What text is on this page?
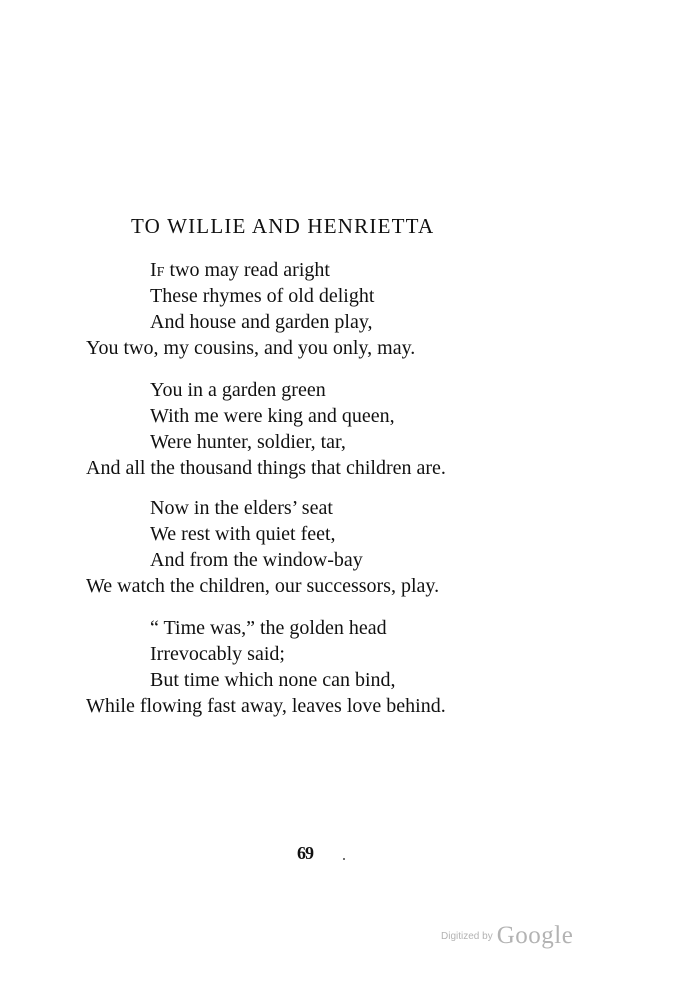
TO WILLIE AND HENRIETTA
If two may read aright
These rhymes of old delight
And house and garden play,
You two, my cousins, and you only, may.
You in a garden green
With me were king and queen,
Were hunter, soldier, tar,
And all the thousand things that children are.
Now in the elders’ seat
We rest with quiet feet,
And from the window-bay
We watch the children, our successors, play.
“ Time was,” the golden head
Irrevocably said;
But time which none can bind,
While flowing fast away, leaves love behind.
69
$^{Digitized by}$ Google
